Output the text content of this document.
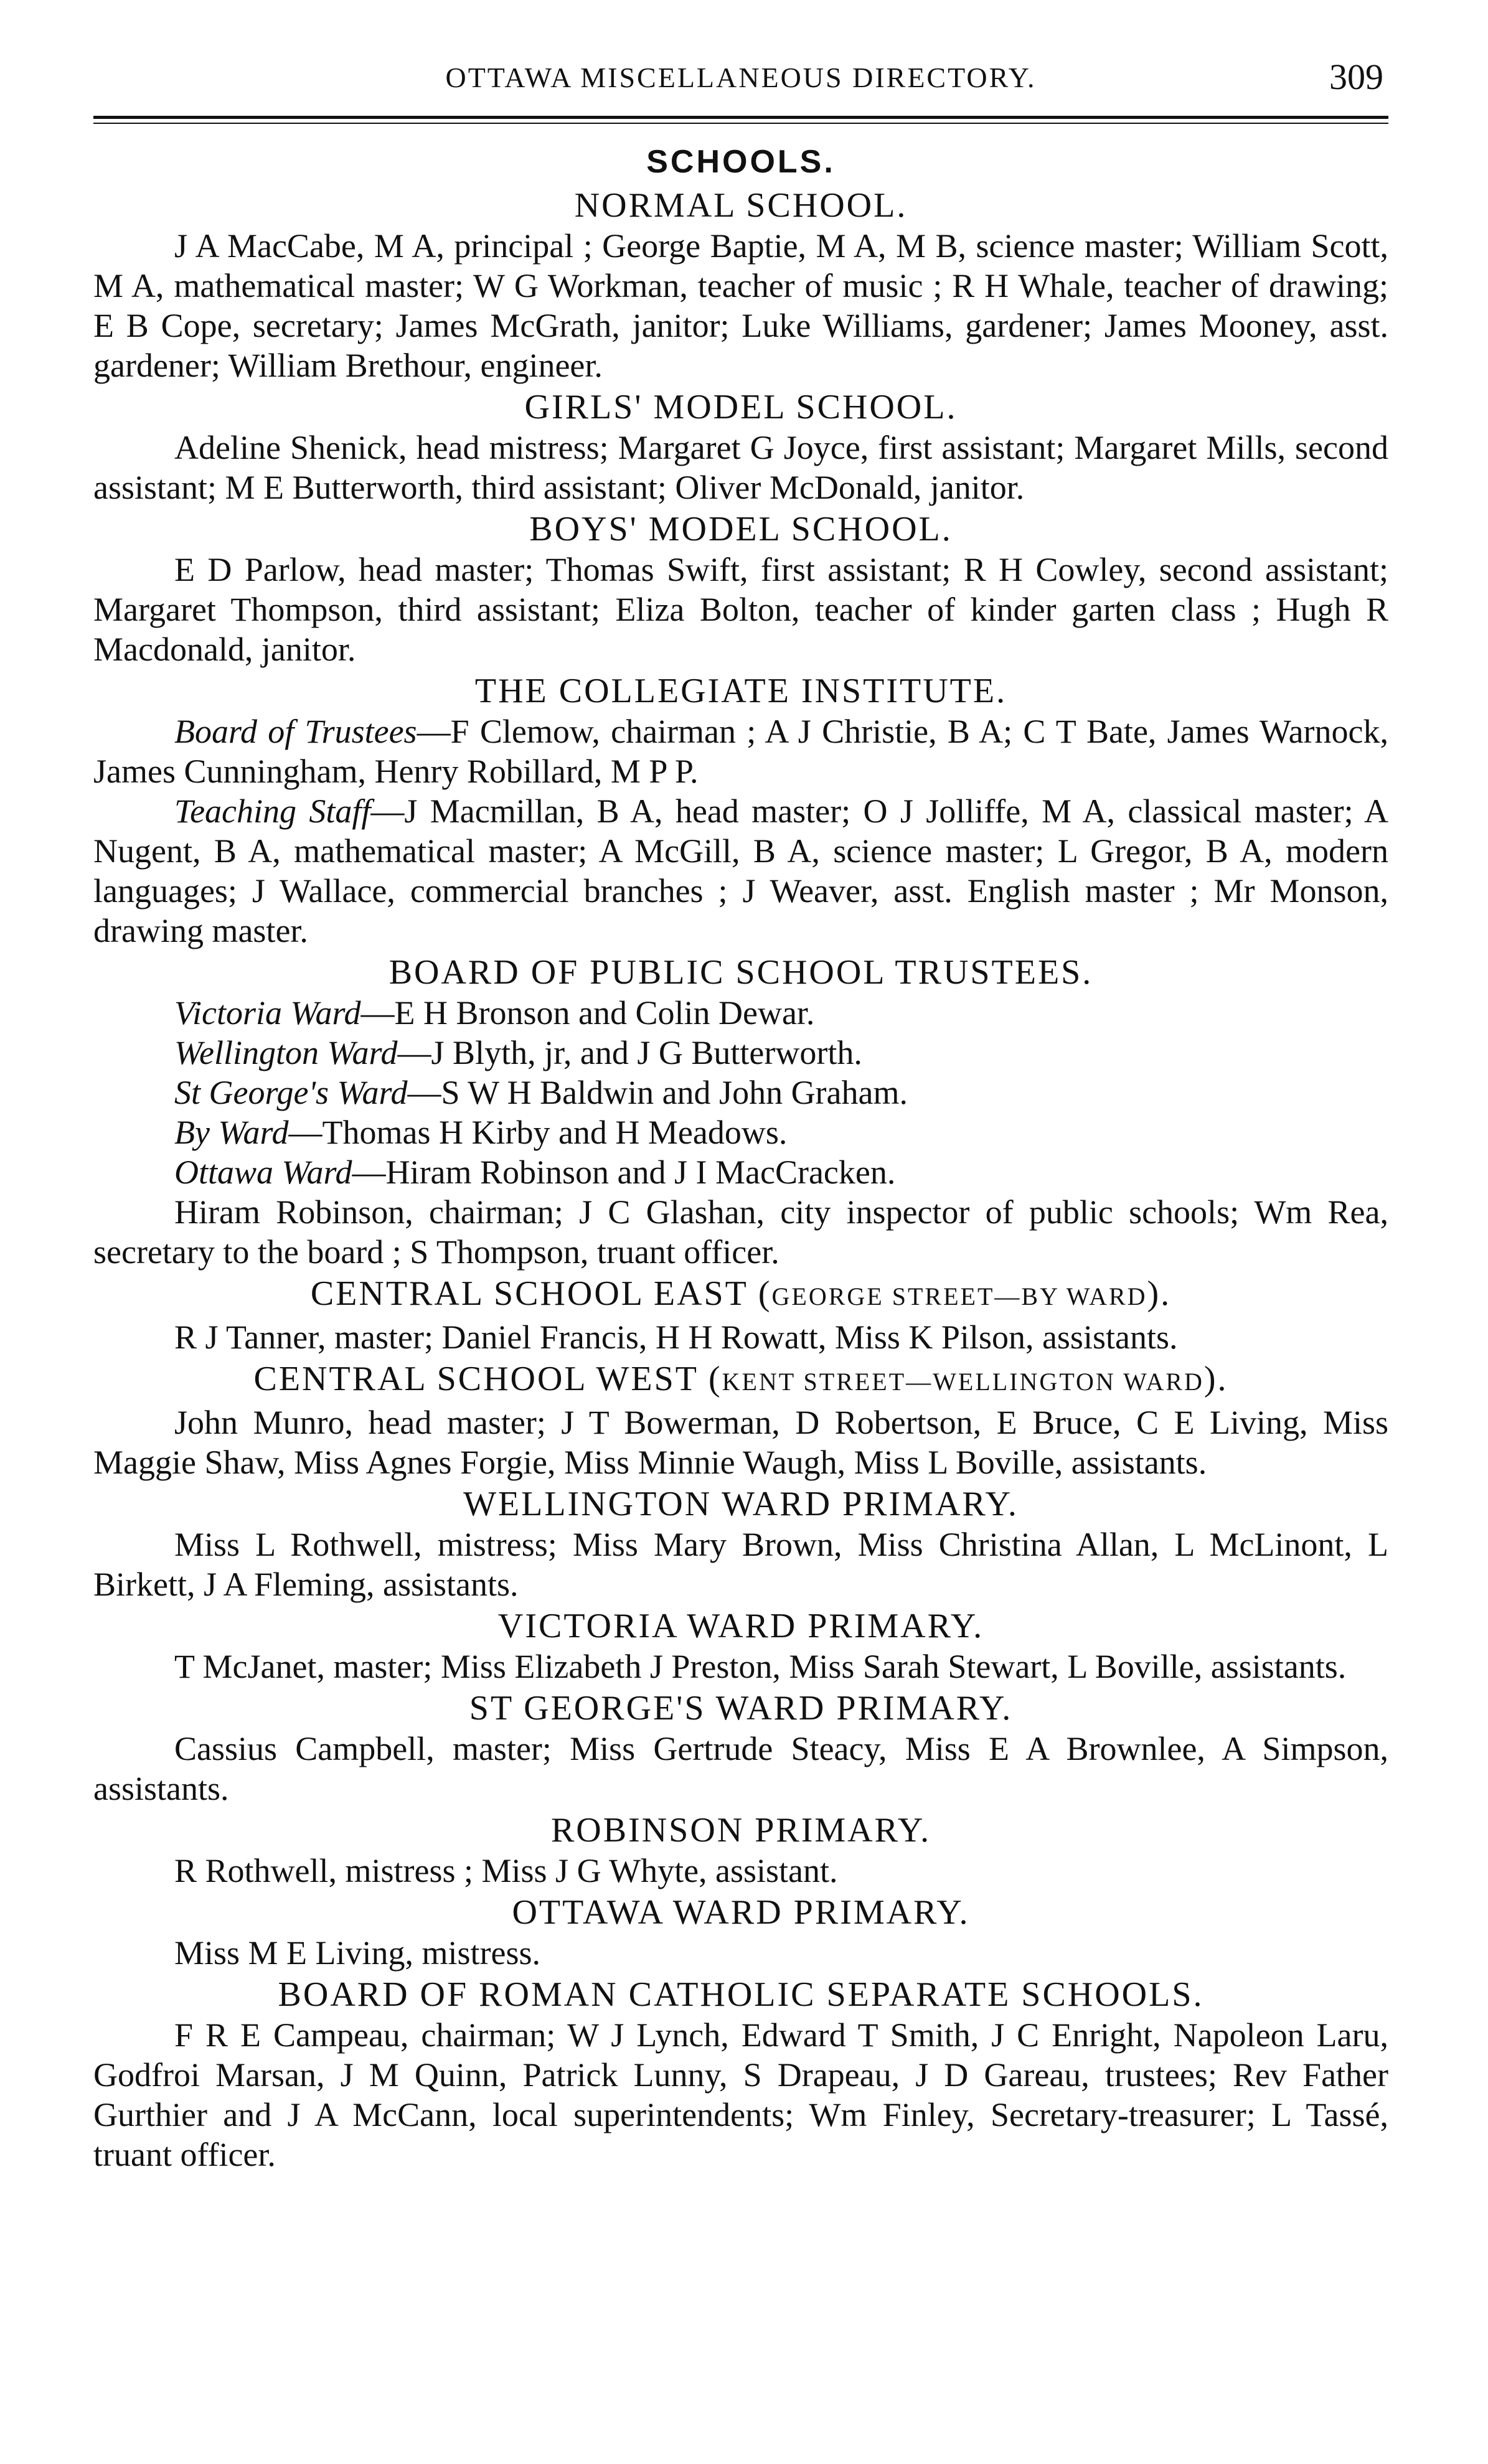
OTTAWA MISCELLANEOUS DIRECTORY.	309
SCHOOLS.
NORMAL SCHOOL.

J A MacCabe, M A, principal ; George Baptie, M A, M B, science master; William Scott, M A, mathematical master; W G Workman, teacher of music ; R H Whale, teacher of drawing; E B Cope, secretary; James McGrath, janitor; Luke Williams, gardener; James Mooney, asst. gardener; William Brethour, engineer.

GIRLS' MODEL SCHOOL.

Adeline Shenick, head mistress; Margaret G Joyce, first assistant; Margaret Mills, second assistant; M E Butterworth, third assistant; Oliver McDonald, janitor.

BOYS' MODEL SCHOOL.

E D Parlow, head master; Thomas Swift, first assistant; R H Cowley, second assistant; Margaret Thompson, third assistant; Eliza Bolton, teacher of kinder garten class ; Hugh R Macdonald, janitor.

THE COLLEGIATE INSTITUTE.

Board of Trustees—F Clemow, chairman ; A J Christie, B A; C T Bate, James Warnock, James Cunningham, Henry Robillard, M P P.

Teaching Staff—J Macmillan, B A, head master; O J Jolliffe, M A, classical master; A Nugent, B A, mathematical master; A McGill, B A, science master; L Gregor, B A, modern languages; J Wallace, commercial branches ; J Weaver, asst. English master ; Mr Monson, drawing master.

BOARD OF PUBLIC SCHOOL TRUSTEES.

Victoria Ward—E H Bronson and Colin Dewar.

Wellington Ward—J Blyth, jr, and J G Butterworth.

St George's Ward—S W H Baldwin and John Graham.

By Ward—Thomas H Kirby and H Meadows.

Ottawa Ward—Hiram Robinson and J I MacCracken.

Hiram Robinson, chairman; J C Glashan, city inspector of public schools; Wm Rea, secretary to the board ; S Thompson, truant officer.

CENTRAL SCHOOL EAST (GEORGE STREET—BY WARD).

R J Tanner, master; Daniel Francis, H H Rowatt, Miss K Pilson, assistants.

CENTRAL SCHOOL WEST (KENT STREET—WELLINGTON WARD).

John Munro, head master; J T Bowerman, D Robertson, E Bruce, C E Living, Miss Maggie Shaw, Miss Agnes Forgie, Miss Minnie Waugh, Miss L Boville, assistants.

WELLINGTON WARD PRIMARY.

Miss L Rothwell, mistress; Miss Mary Brown, Miss Christina Allan, L McLinont, L Birkett, J A Fleming, assistants.

VICTORIA WARD PRIMARY.

T McJanet, master; Miss Elizabeth J Preston, Miss Sarah Stewart, L Boville, assistants.

ST GEORGE'S WARD PRIMARY.

Cassius Campbell, master; Miss Gertrude Steacy, Miss E A Brownlee, A Simpson, assistants.

ROBINSON PRIMARY.

R Rothwell, mistress ; Miss J G Whyte, assistant.

OTTAWA WARD PRIMARY.

Miss M E Living, mistress.

BOARD OF ROMAN CATHOLIC SEPARATE SCHOOLS.

F R E Campeau, chairman; W J Lynch, Edward T Smith, J C Enright, Napoleon Laru, Godfroi Marsan, J M Quinn, Patrick Lunny, S Drapeau, J D Gareau, trustees; Rev Father Gurthier and J A McCann, local superintendents; Wm Finley, Secretary-treasurer; L Tassé, truant officer.
